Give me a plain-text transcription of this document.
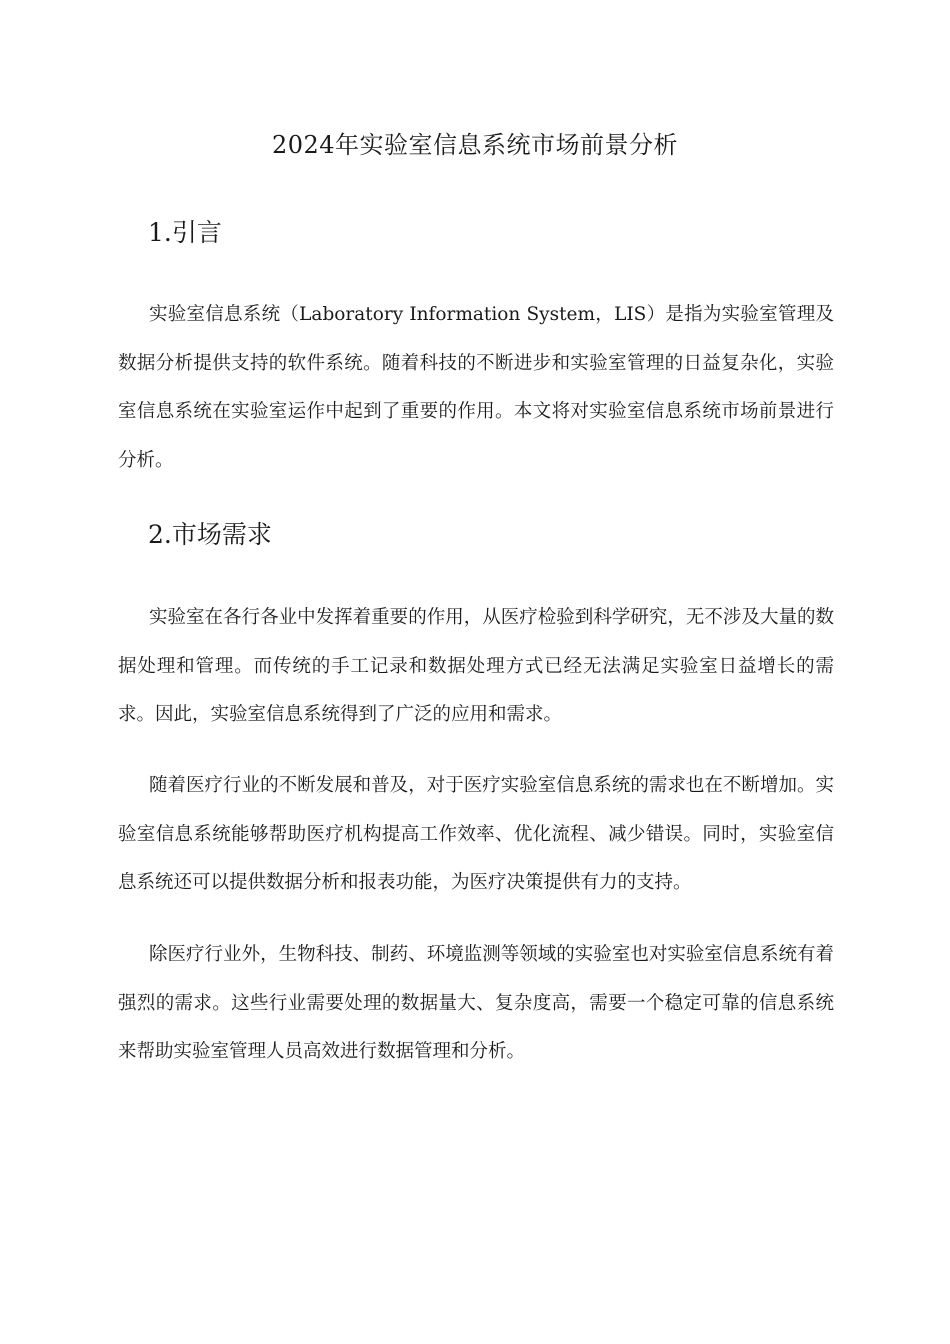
2024年实验室信息系统市场前景分析
1.引言

实验室信息系统（Laboratory Information System，LIS）是指为实验室管理及数据分析提供支持的软件系统。随着科技的不断进步和实验室管理的日益复杂化，实验室信息系统在实验室运作中起到了重要的作用。本文将对实验室信息系统市场前景进行分析。

2.市场需求

实验室在各行各业中发挥着重要的作用，从医疗检验到科学研究，无不涉及大量的数据处理和管理。而传统的手工记录和数据处理方式已经无法满足实验室日益增长的需求。因此，实验室信息系统得到了广泛的应用和需求。

随着医疗行业的不断发展和普及，对于医疗实验室信息系统的需求也在不断增加。实验室信息系统能够帮助医疗机构提高工作效率、优化流程、减少错误。同时，实验室信息系统还可以提供数据分析和报表功能，为医疗决策提供有力的支持。

除医疗行业外，生物科技、制药、环境监测等领域的实验室也对实验室信息系统有着强烈的需求。这些行业需要处理的数据量大、复杂度高，需要一个稳定可靠的信息系统来帮助实验室管理人员高效进行数据管理和分析。
